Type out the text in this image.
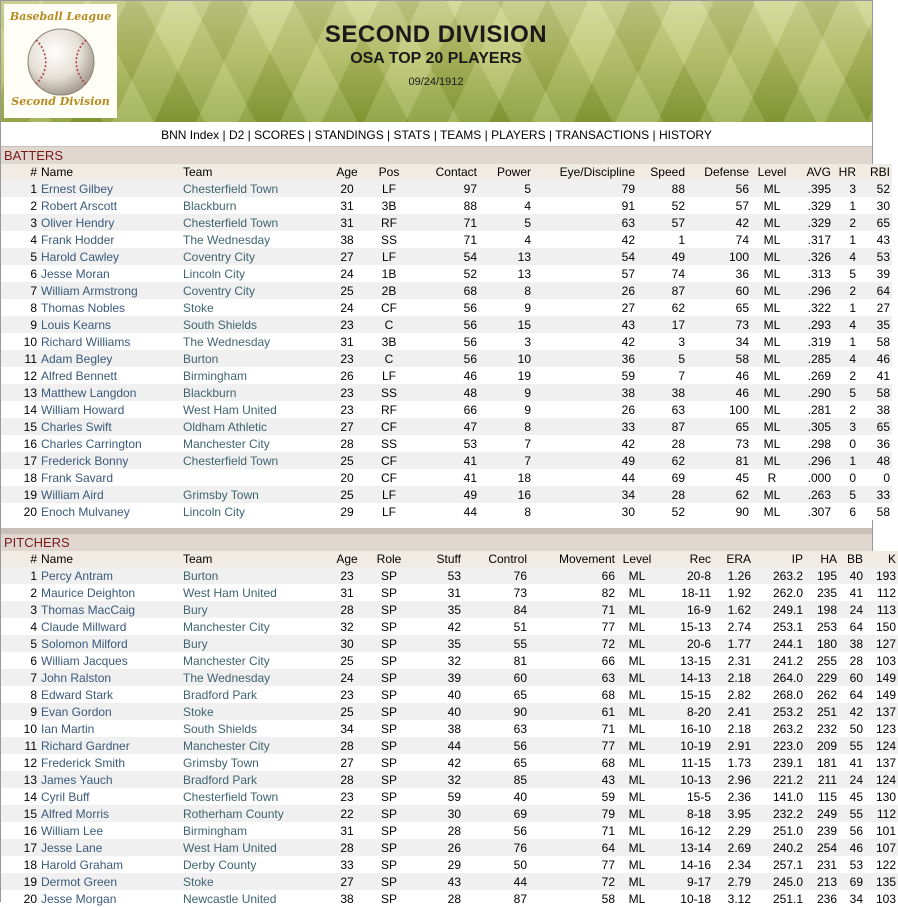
Baseball League
Second Division
SECOND DIVISION
OSA TOP 20 PLAYERS
09/24/1912
BNN Index | D2 | SCORES | STANDINGS | STATS | TEAMS | PLAYERS | TRANSACTIONS | HISTORY
BATTERS
#	Name	Team	Age	Pos	Contact	Power	Eye/Discipline	Speed	Defense	Level	AVG	HR	RBI
1	Ernest Gilbey	Chesterfield Town	20	LF	97	5	79	88	56	ML	.395	3	52
2	Robert Arscott	Blackburn	31	3B	88	4	91	52	57	ML	.329	1	30
3	Oliver Hendry	Chesterfield Town	31	RF	71	5	63	57	42	ML	.329	2	65
4	Frank Hodder	The Wednesday	38	SS	71	4	42	1	74	ML	.317	1	43
5	Harold Cawley	Coventry City	27	LF	54	13	54	49	100	ML	.326	4	53
6	Jesse Moran	Lincoln City	24	1B	52	13	57	74	36	ML	.313	5	39
7	William Armstrong	Coventry City	25	2B	68	8	26	87	60	ML	.296	2	64
8	Thomas Nobles	Stoke	24	CF	56	9	27	62	65	ML	.322	1	27
9	Louis Kearns	South Shields	23	C	56	15	43	17	73	ML	.293	4	35
10	Richard Williams	The Wednesday	31	3B	56	3	42	3	34	ML	.319	1	58
11	Adam Begley	Burton	23	C	56	10	36	5	58	ML	.285	4	46
12	Alfred Bennett	Birmingham	26	LF	46	19	59	7	46	ML	.269	2	41
13	Matthew Langdon	Blackburn	23	SS	48	9	38	38	46	ML	.290	5	58
14	William Howard	West Ham United	23	RF	66	9	26	63	100	ML	.281	2	38
15	Charles Swift	Oldham Athletic	27	CF	47	8	33	87	65	ML	.305	3	65
16	Charles Carrington	Manchester City	28	SS	53	7	42	28	73	ML	.298	0	36
17	Frederick Bonny	Chesterfield Town	25	CF	41	7	49	62	81	ML	.296	1	48
18	Frank Savard		20	CF	41	18	44	69	45	R	.000	0	0
19	William Aird	Grimsby Town	25	LF	49	16	34	28	62	ML	.263	5	33
20	Enoch Mulvaney	Lincoln City	29	LF	44	8	30	52	90	ML	.307	6	58
PITCHERS
#	Name	Team	Age	Role	Stuff	Control	Movement	Level	Rec	ERA	IP	HA	BB	K
1	Percy Antram	Burton	23	SP	53	76	66	ML	20-8	1.26	263.2	195	40	193
2	Maurice Deighton	West Ham United	31	SP	31	73	82	ML	18-11	1.92	262.0	235	41	112
3	Thomas MacCaig	Bury	28	SP	35	84	71	ML	16-9	1.62	249.1	198	24	113
4	Claude Millward	Manchester City	32	SP	42	51	77	ML	15-13	2.74	253.1	253	64	150
5	Solomon Milford	Bury	30	SP	35	55	72	ML	20-6	1.77	244.1	180	38	127
6	William Jacques	Manchester City	25	SP	32	81	66	ML	13-15	2.31	241.2	255	28	103
7	John Ralston	The Wednesday	24	SP	39	60	63	ML	14-13	2.18	264.0	229	60	149
8	Edward Stark	Bradford Park	23	SP	40	65	68	ML	15-15	2.82	268.0	262	64	149
9	Evan Gordon	Stoke	25	SP	40	90	61	ML	8-20	2.41	253.2	251	42	137
10	Ian Martin	South Shields	34	SP	38	63	71	ML	16-10	2.18	263.2	232	50	123
11	Richard Gardner	Manchester City	28	SP	44	56	77	ML	10-19	2.91	223.0	209	55	124
12	Frederick Smith	Grimsby Town	27	SP	42	65	68	ML	11-15	1.73	239.1	181	41	137
13	James Yauch	Bradford Park	28	SP	32	85	43	ML	10-13	2.96	221.2	211	24	124
14	Cyril Buff	Chesterfield Town	23	SP	59	40	59	ML	15-5	2.36	141.0	115	45	130
15	Alfred Morris	Rotherham County	22	SP	30	69	79	ML	8-18	3.95	232.2	249	55	112
16	William Lee	Birmingham	31	SP	28	56	71	ML	16-12	2.29	251.0	239	56	101
17	Jesse Lane	West Ham United	28	SP	26	76	64	ML	13-14	2.69	240.2	254	46	107
18	Harold Graham	Derby County	33	SP	29	50	77	ML	14-16	2.34	257.1	231	53	122
19	Dermot Green	Stoke	27	SP	43	44	72	ML	9-17	2.79	245.0	213	69	135
20	Jesse Morgan	Newcastle United	38	SP	28	87	58	ML	10-18	3.12	251.1	236	34	103
